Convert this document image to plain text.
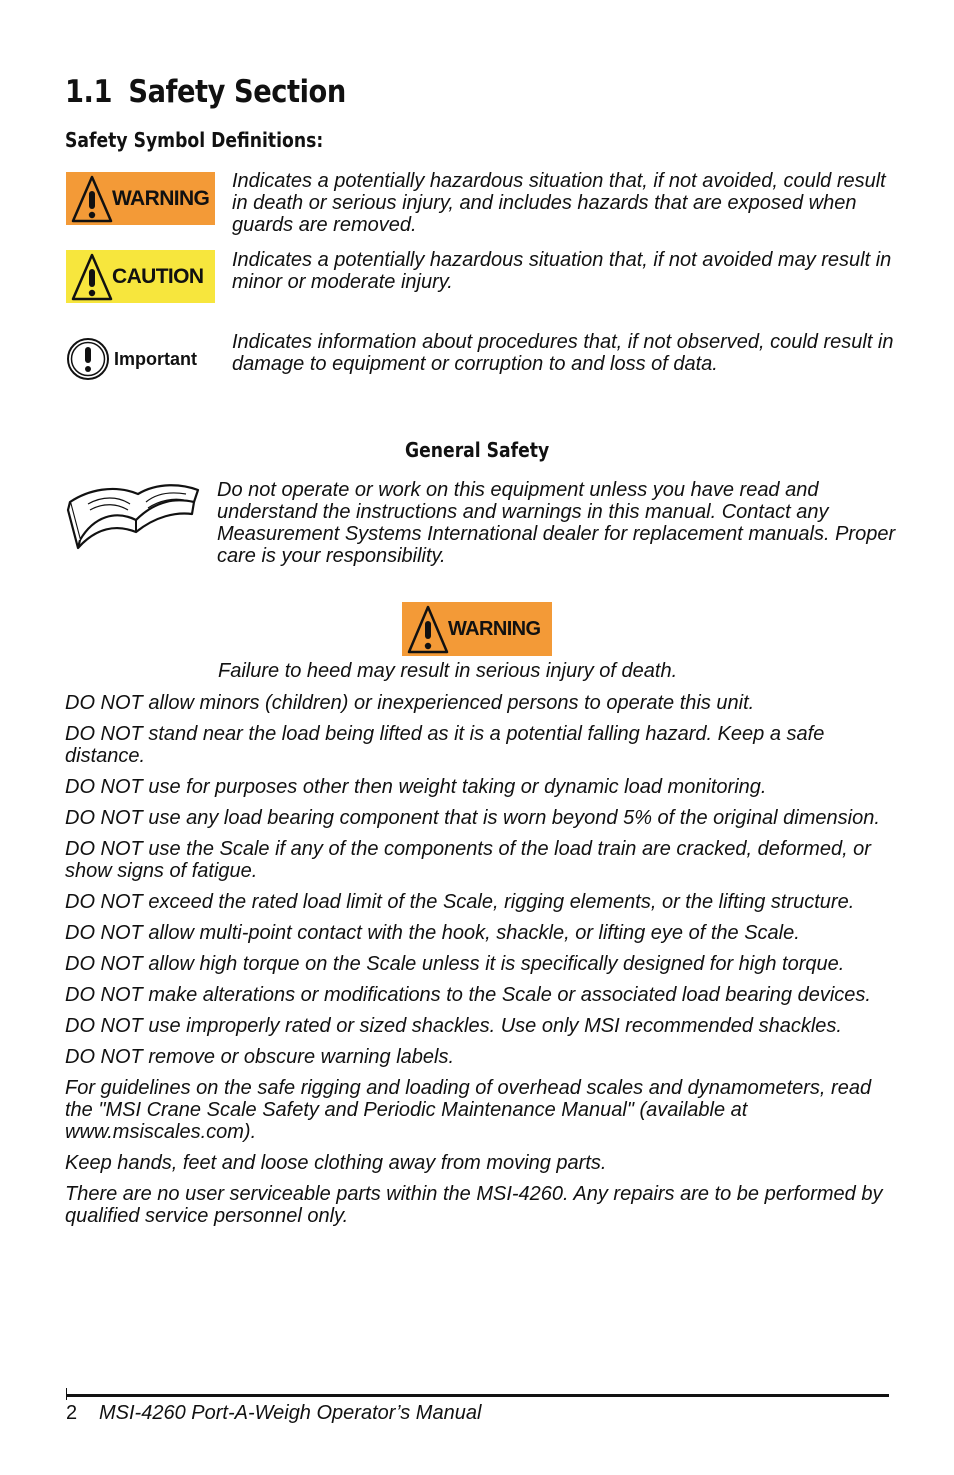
1.1 Safety Section
Safety Symbol Definitions:
WARNING

Indicates a potentially hazardous situation that, if not avoided, could result in death or serious injury, and includes hazards that are exposed when guards are removed.

CAUTION

Indicates a potentially hazardous situation that, if not avoided may result in minor or moderate injury.

Important

Indicates information about procedures that, if not observed, could result in damage to equipment or corruption to and loss of data.

General Safety

Do not operate or work on this equipment unless you have read and understand the instructions and warnings in this manual. Contact any Measurement Systems International dealer for replacement manuals. Proper care is your responsibility.

WARNING

Failure to heed may result in serious injury of death.

DO NOT allow minors (children) or inexperienced persons to operate this unit.

DO NOT stand near the load being lifted as it is a potential falling hazard. Keep a safe distance.

DO NOT use for purposes other then weight taking or dynamic load monitoring.

DO NOT use any load bearing component that is worn beyond 5% of the original dimension.

DO NOT use the Scale if any of the components of the load train are cracked, deformed, or show signs of fatigue.

DO NOT exceed the rated load limit of the Scale, rigging elements, or the lifting structure.

DO NOT allow multi-point contact with the hook, shackle, or lifting eye of the Scale.

DO NOT allow high torque on the Scale unless it is specifically designed for high torque.

DO NOT make alterations or modifications to the Scale or associated load bearing devices.

DO NOT use improperly rated or sized shackles. Use only MSI recommended shackles.

DO NOT remove or obscure warning labels.

For guidelines on the safe rigging and loading of overhead scales and dynamometers, read the "MSI Crane Scale Safety and Periodic Maintenance Manual" (available at www.msiscales.com).

Keep hands, feet and loose clothing away from moving parts.

There are no user serviceable parts within the MSI-4260. Any repairs are to be performed by qualified service personnel only.

2 MSI-4260 Port-A-Weigh Operator’s Manual
